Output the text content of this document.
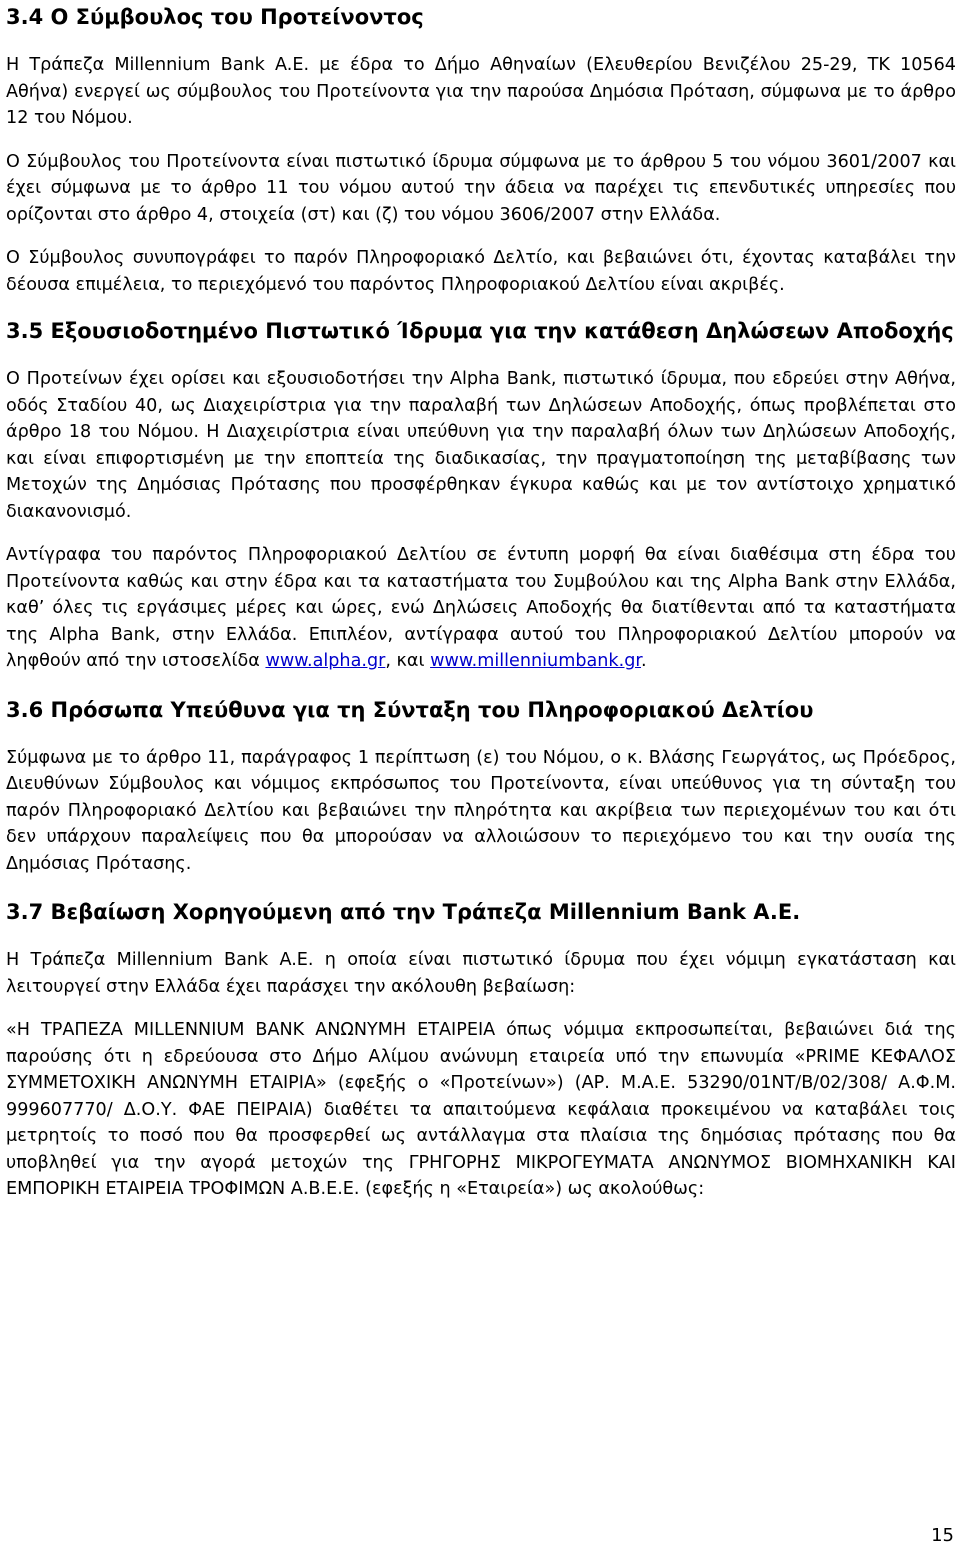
3.4 Ο Σύμβουλος του Προτείνοντος

Η Τράπεζα Millennium Bank A.E. με έδρα το Δήμο Αθηναίων (Ελευθερίου Βενιζέλου 25-29, ΤΚ 10564 Αθήνα) ενεργεί ως σύμβουλος του Προτείνοντα για την παρούσα Δημόσια Πρόταση, σύμφωνα με το άρθρο 12 του Νόμου.

Ο Σύμβουλος του Προτείνοντα είναι πιστωτικό ίδρυμα σύμφωνα με το άρθρου 5 του νόμου 3601/2007 και έχει σύμφωνα με το άρθρο 11 του νόμου αυτού την άδεια να παρέχει τις επενδυτικές υπηρεσίες που ορίζονται στο άρθρο 4, στοιχεία (στ) και (ζ) του νόμου 3606/2007 στην Ελλάδα.

Ο Σύμβουλος συνυπογράφει το παρόν Πληροφοριακό Δελτίο, και βεβαιώνει ότι, έχοντας καταβάλει την δέουσα επιμέλεια, το περιεχόμενό του παρόντος Πληροφοριακού Δελτίου είναι ακριβές.

3.5 Εξουσιοδοτημένο Πιστωτικό Ίδρυμα για την κατάθεση Δηλώσεων Αποδοχής

Ο Προτείνων έχει ορίσει και εξουσιοδοτήσει την Alpha Bank, πιστωτικό ίδρυμα, που εδρεύει στην Αθήνα, οδός Σταδίου 40, ως Διαχειρίστρια για την παραλαβή των Δηλώσεων Αποδοχής, όπως προβλέπεται στο άρθρο 18 του Νόμου. Η Διαχειρίστρια είναι υπεύθυνη για την παραλαβή όλων των Δηλώσεων Αποδοχής, και είναι επιφορτισμένη με την εποπτεία της διαδικασίας, την πραγματοποίηση της μεταβίβασης των Μετοχών της Δημόσιας Πρότασης που προσφέρθηκαν έγκυρα καθώς και με τον αντίστοιχο χρηματικό διακανονισμό.

Αντίγραφα του παρόντος Πληροφοριακού Δελτίου σε έντυπη μορφή θα είναι διαθέσιμα στη έδρα του Προτείνοντα καθώς και στην έδρα και τα καταστήματα του Συμβούλου και της Alpha Bank στην Ελλάδα, καθ’ όλες τις εργάσιμες μέρες και ώρες, ενώ Δηλώσεις Αποδοχής θα διατίθενται από τα καταστήματα της Alpha Bank, στην Ελλάδα. Επιπλέον, αντίγραφα αυτού του Πληροφοριακού Δελτίου μπορούν να ληφθούν από την ιστοσελίδα www.alpha.gr, και www.millenniumbank.gr.

3.6 Πρόσωπα Υπεύθυνα για τη Σύνταξη του Πληροφοριακού Δελτίου

Σύμφωνα με το άρθρο 11, παράγραφος 1 περίπτωση (ε) του Νόμου, ο κ. Βλάσης Γεωργάτος, ως Πρόεδρος, Διευθύνων Σύμβουλος και νόμιμος εκπρόσωπος του Προτείνοντα, είναι υπεύθυνος για τη σύνταξη του παρόν Πληροφοριακό Δελτίου και βεβαιώνει την πληρότητα και ακρίβεια των περιεχομένων του και ότι δεν υπάρχουν παραλείψεις που θα μπορούσαν να αλλοιώσουν το περιεχόμενο του και την ουσία της Δημόσιας Πρότασης.

3.7 Βεβαίωση Χορηγούμενη από την Τράπεζα Millennium Bank A.E.

Η Τράπεζα Millennium Bank A.E. η οποία είναι πιστωτικό ίδρυμα που έχει νόμιμη εγκατάσταση και λειτουργεί στην Ελλάδα έχει παράσχει την ακόλουθη βεβαίωση:

«Η ΤΡΑΠΕΖΑ MILLENNIUM BANK ΑΝΩΝΥΜΗ ΕΤΑΙΡΕΙΑ όπως νόμιμα εκπροσωπείται, βεβαιώνει διά της παρούσης ότι η εδρεύουσα στο Δήμο Αλίμου ανώνυμη εταιρεία υπό την επωνυμία «PRIME ΚΕΦΑΛΟΣ ΣΥΜΜΕΤΟΧΙΚΗ ΑΝΩΝΥΜΗ ΕΤΑΙΡΙΑ» (εφεξής ο «Προτείνων») (ΑΡ. Μ.Α.Ε. 53290/01ΝΤ/Β/02/308/ Α.Φ.Μ. 999607770/ Δ.Ο.Υ. ΦΑΕ ΠΕΙΡΑΙΑ) διαθέτει τα απαιτούμενα κεφάλαια προκειμένου να καταβάλει τοις μετρητοίς το ποσό που θα προσφερθεί ως αντάλλαγμα στα πλαίσια της δημόσιας πρότασης που θα υποβληθεί για την αγορά μετοχών της ΓΡΗΓΟΡΗΣ ΜΙΚΡΟΓΕΥΜΑΤΑ ΑΝΩΝΥΜΟΣ ΒΙΟΜΗΧΑΝΙΚΗ ΚΑΙ ΕΜΠΟΡΙΚΗ ΕΤΑΙΡΕΙΑ ΤΡΟΦΙΜΩΝ Α.Β.Ε.Ε. (εφεξής η «Εταιρεία») ως ακολούθως:

15
